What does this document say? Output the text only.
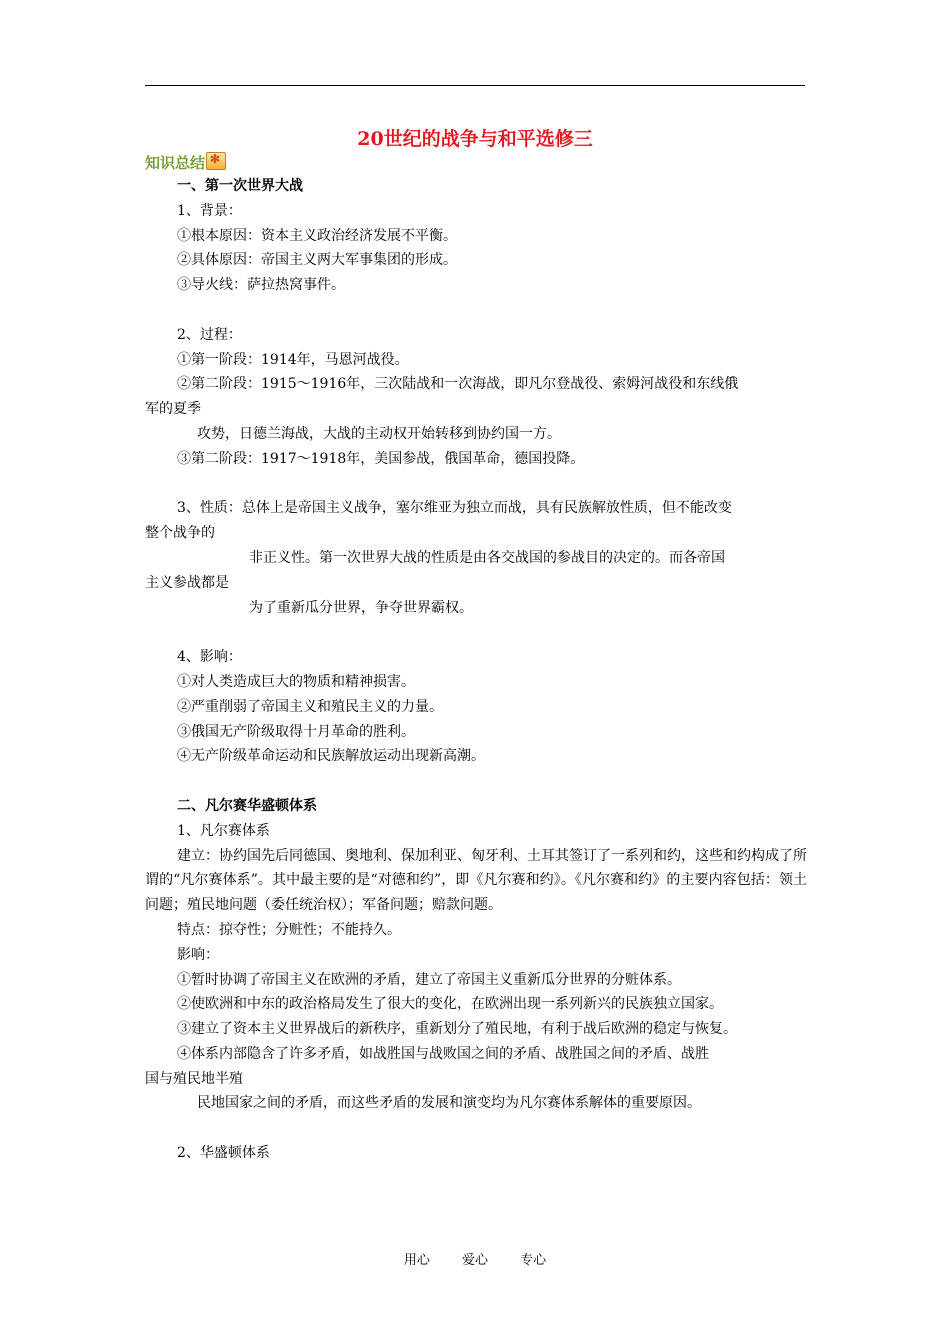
20世纪的战争与和平选修三
知识总结✻

一、第一次世界大战

1、背景：

①根本原因：资本主义政治经济发展不平衡。

②具体原因：帝国主义两大军事集团的形成。

③导火线：萨拉热窝事件。

2、过程：

①第一阶段：1914年，马恩河战役。

②第二阶段：1915～1916年，三次陆战和一次海战，即凡尔登战役、索姆河战役和东线俄

军的夏季

攻势，日德兰海战，大战的主动权开始转移到协约国一方。

③第二阶段：1917～1918年，美国参战，俄国革命，德国投降。

3、性质：总体上是帝国主义战争，塞尔维亚为独立而战，具有民族解放性质，但不能改变

整个战争的

非正义性。第一次世界大战的性质是由各交战国的参战目的决定的。而各帝国

主义参战都是

为了重新瓜分世界，争夺世界霸权。

4、影响：

①对人类造成巨大的物质和精神损害。

②严重削弱了帝国主义和殖民主义的力量。

③俄国无产阶级取得十月革命的胜利。

④无产阶级革命运动和民族解放运动出现新高潮。

二、凡尔赛华盛顿体系

1、凡尔赛体系

建立：协约国先后同德国、奥地利、保加利亚、匈牙利、土耳其签订了一系列和约，这些和约构成了所谓的“凡尔赛体系”。其中最主要的是“对德和约”，即《凡尔赛和约》。《凡尔赛和约》的主要内容包括：领土问题；殖民地问题（委任统治权）；军备问题；赔款问题。

特点：掠夺性；分赃性；不能持久。

影响：

①暂时协调了帝国主义在欧洲的矛盾，建立了帝国主义重新瓜分世界的分赃体系。

②使欧洲和中东的政治格局发生了很大的变化，在欧洲出现一系列新兴的民族独立国家。

③建立了资本主义世界战后的新秩序，重新划分了殖民地，有利于战后欧洲的稳定与恢复。

④体系内部隐含了许多矛盾，如战胜国与战败国之间的矛盾、战胜国之间的矛盾、战胜

国与殖民地半殖

民地国家之间的矛盾，而这些矛盾的发展和演变均为凡尔赛体系解体的重要原因。

2、华盛顿体系

用心 爱心 专心
